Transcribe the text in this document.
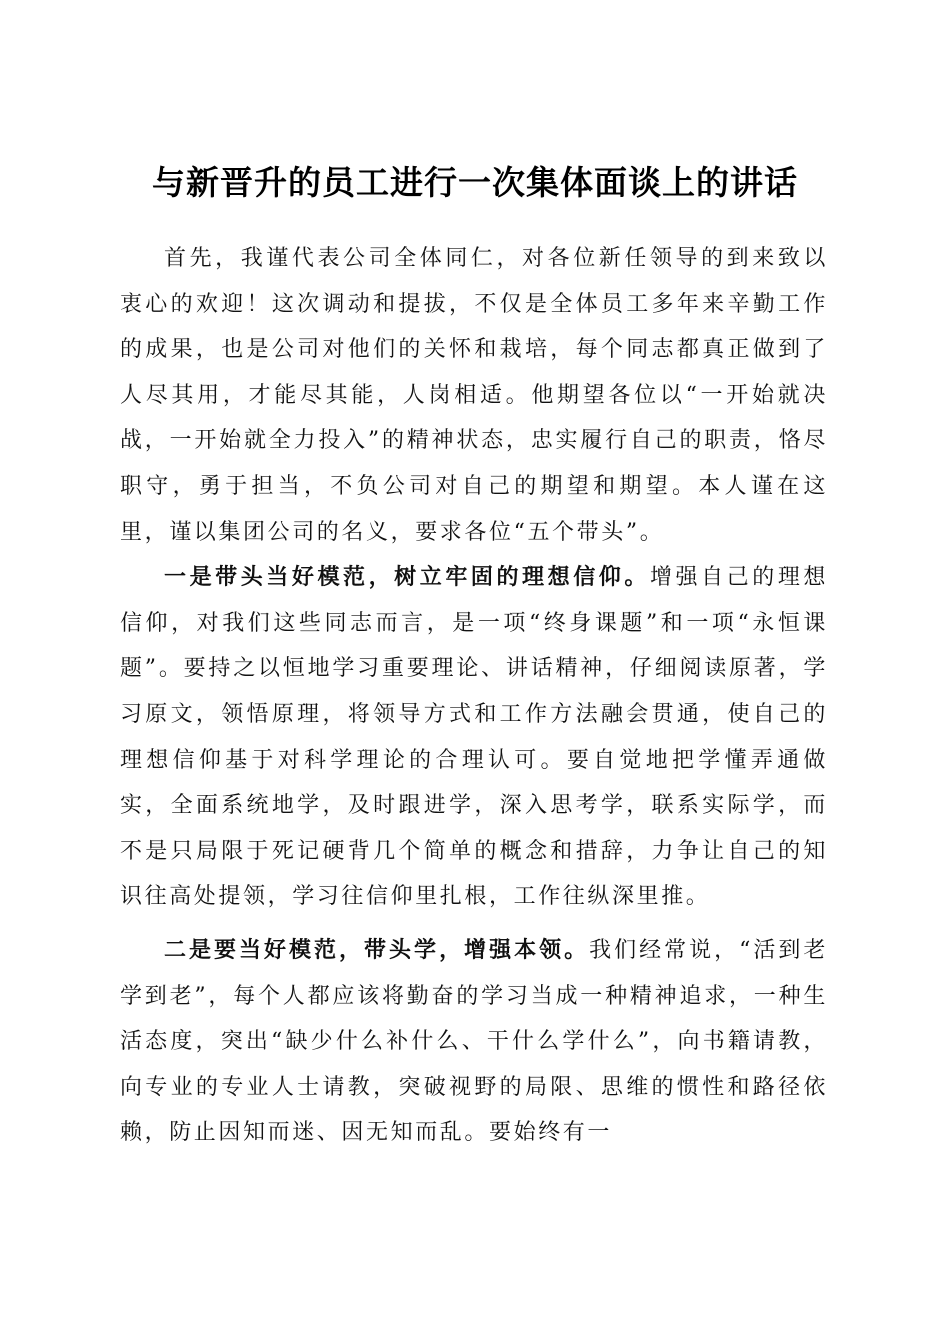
与新晋升的员工进行一次集体面谈上的讲话

首先，我谨代表公司全体同仁，对各位新任领导的到来致以衷心的欢迎！这次调动和提拔，不仅是全体员工多年来辛勤工作的成果，也是公司对他们的关怀和栽培，每个同志都真正做到了人尽其用，才能尽其能，人岗相适。他期望各位以“一开始就决战，一开始就全力投入”的精神状态，忠实履行自己的职责，恪尽职守，勇于担当，不负公司对自己的期望和期望。本人谨在这里，谨以集团公司的名义，要求各位“五个带头”。

一是带头当好模范，树立牢固的理想信仰。增强自己的理想信仰，对我们这些同志而言，是一项“终身课题”和一项“永恒课题”。要持之以恒地学习重要理论、讲话精神，仔细阅读原著，学习原文，领悟原理，将领导方式和工作方法融会贯通，使自己的理想信仰基于对科学理论的合理认可。要自觉地把学懂弄通做实，全面系统地学，及时跟进学，深入思考学，联系实际学，而不是只局限于死记硬背几个简单的概念和措辞，力争让自己的知识往高处提领，学习往信仰里扎根，工作往纵深里推。

二是要当好模范，带头学，增强本领。我们经常说，“活到老学到老”，每个人都应该将勤奋的学习当成一种精神追求，一种生活态度，突出“缺少什么补什么、干什么学什么”，向书籍请教，向专业的专业人士请教，突破视野的局限、思维的惯性和路径依赖，防止因知而迷、因无知而乱。要始终有一
